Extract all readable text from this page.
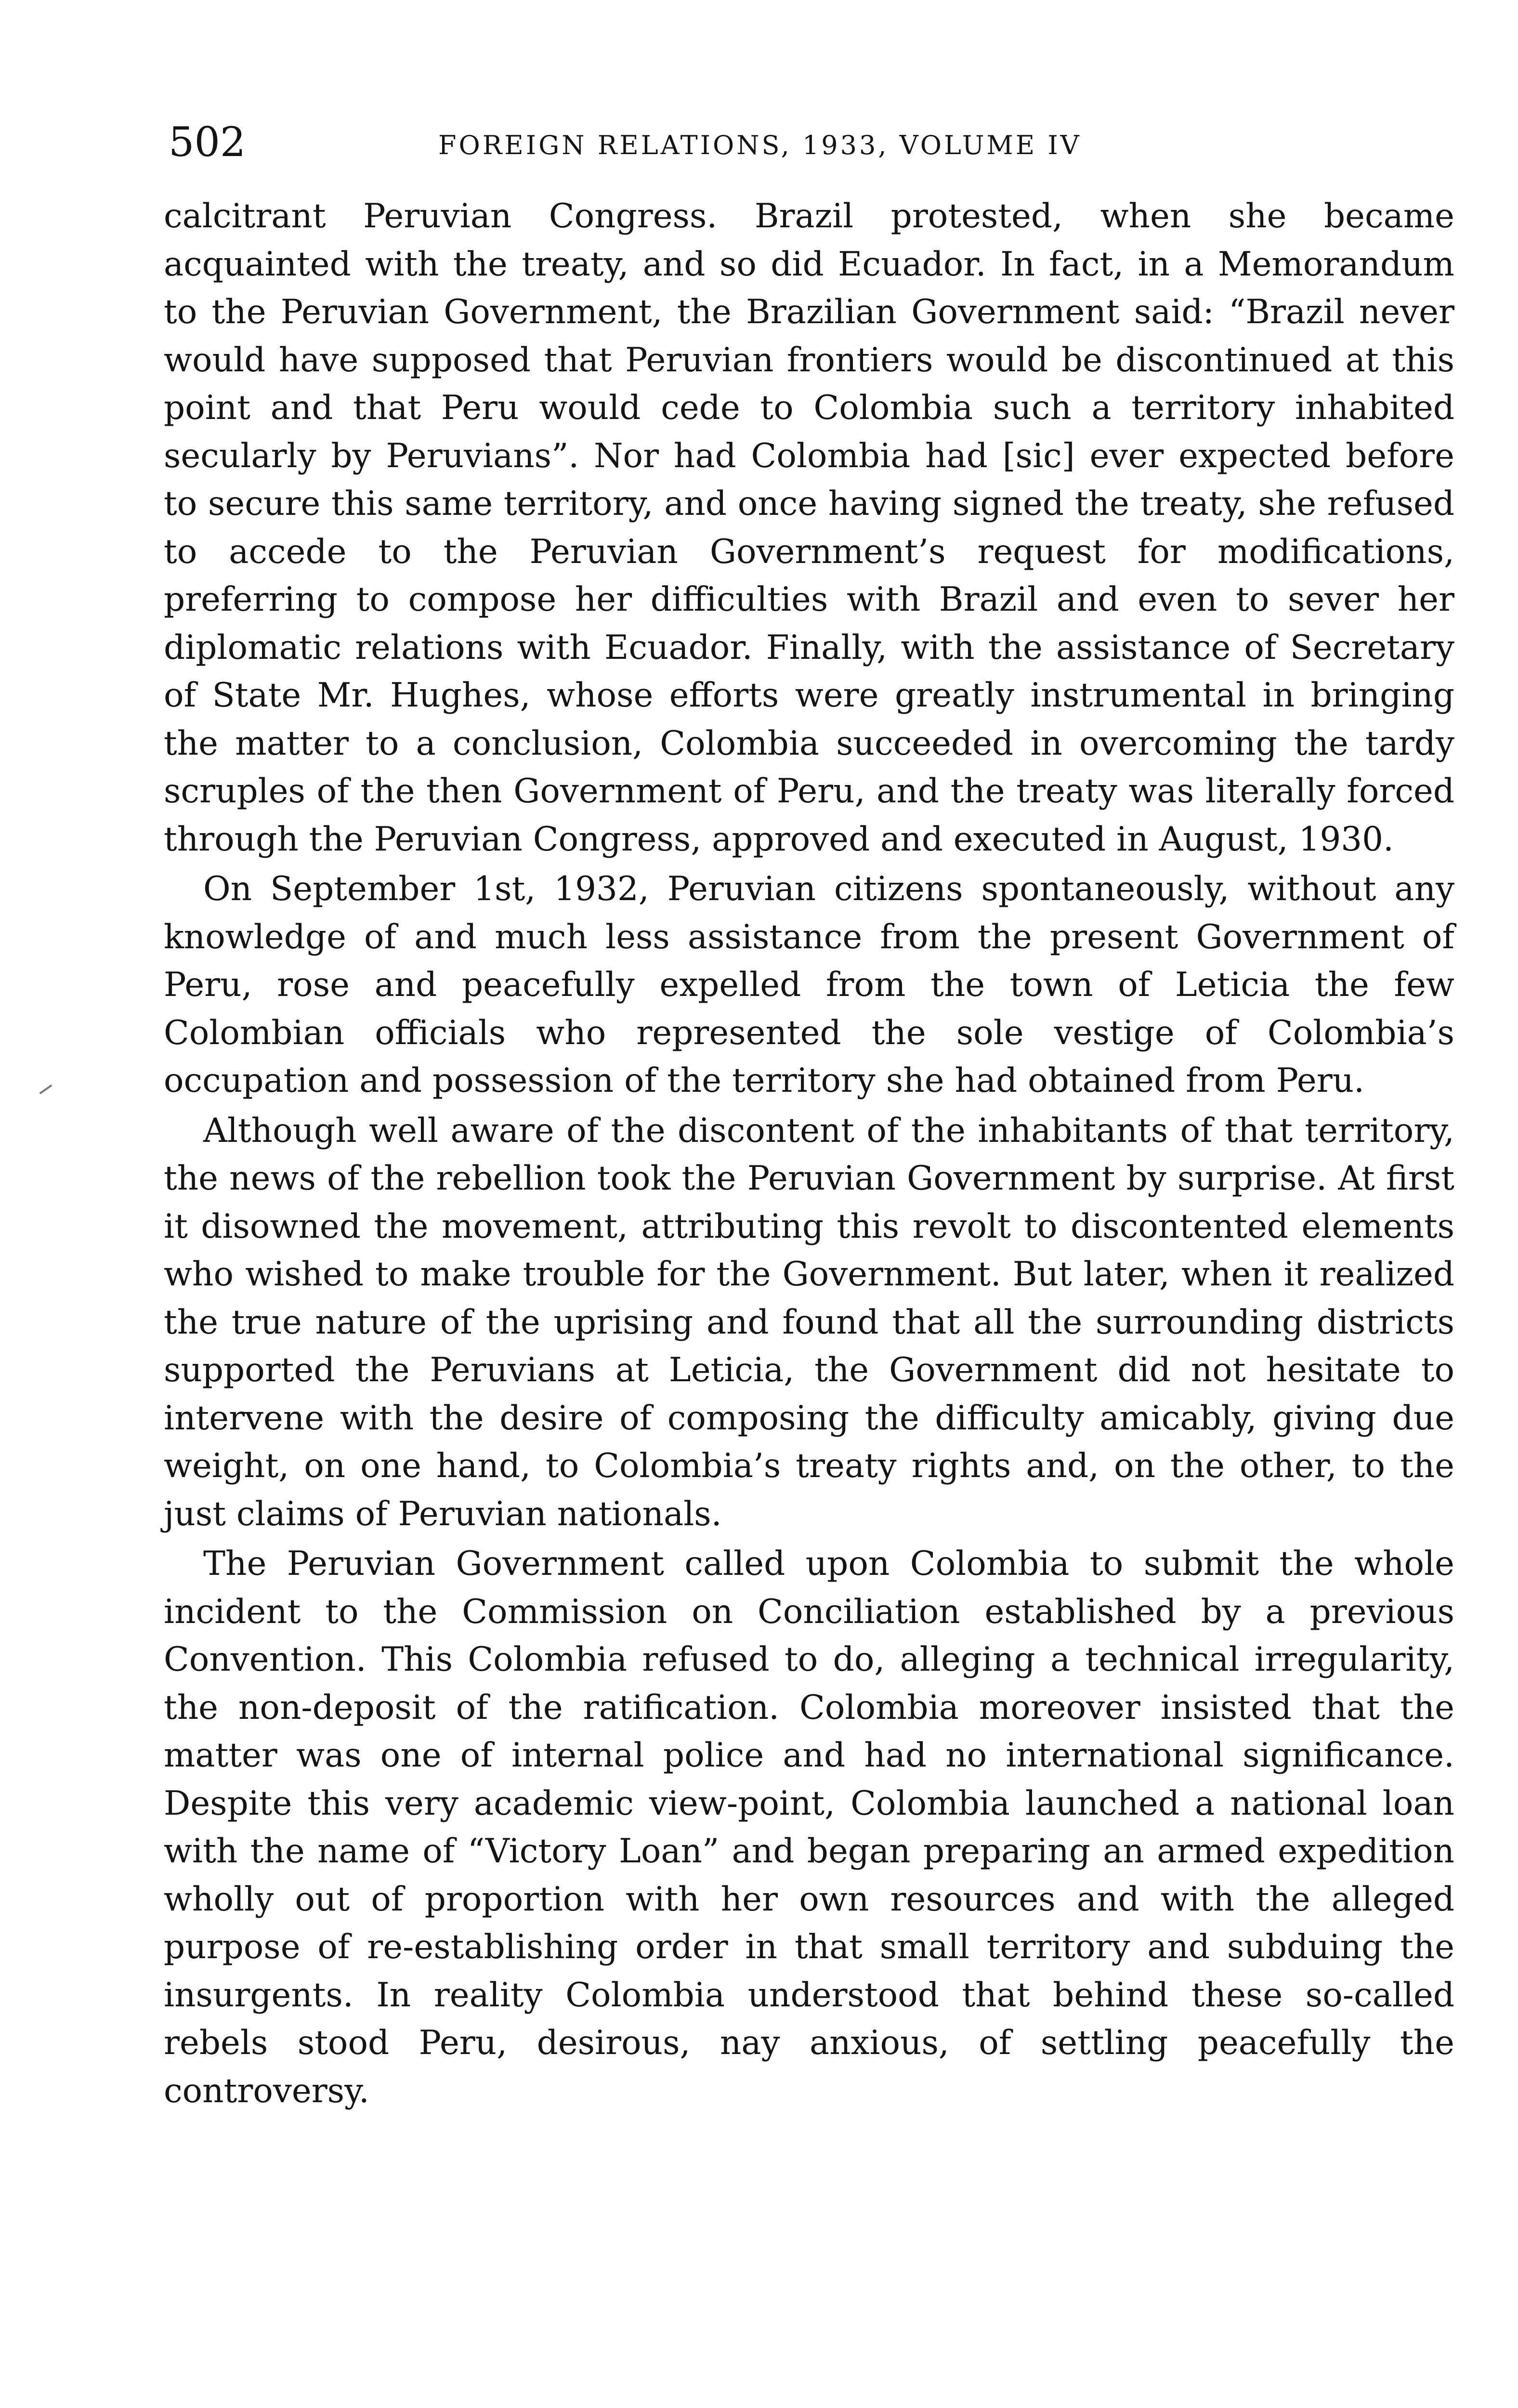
502	FOREIGN RELATIONS, 1933, VOLUME IV

calcitrant Peruvian Congress. Brazil protested, when she became acquainted with the treaty, and so did Ecuador. In fact, in a Memorandum to the Peruvian Government, the Brazilian Government said: “Brazil never would have supposed that Peruvian frontiers would be discontinued at this point and that Peru would cede to Colombia such a territory inhabited secularly by Peruvians”. Nor had Colombia had [sic] ever expected before to secure this same territory, and once having signed the treaty, she refused to accede to the Peruvian Government’s request for modifications, preferring to compose her difficulties with Brazil and even to sever her diplomatic relations with Ecuador. Finally, with the assistance of Secretary of State Mr. Hughes, whose efforts were greatly instrumental in bringing the matter to a conclusion, Colombia succeeded in overcoming the tardy scruples of the then Government of Peru, and the treaty was literally forced through the Peruvian Congress, approved and executed in August, 1930.

On September 1st, 1932, Peruvian citizens spontaneously, without any knowledge of and much less assistance from the present Government of Peru, rose and peacefully expelled from the town of Leticia the few Colombian officials who represented the sole vestige of Colombia’s occupation and possession of the territory she had obtained from Peru.

Although well aware of the discontent of the inhabitants of that territory, the news of the rebellion took the Peruvian Government by surprise. At first it disowned the movement, attributing this revolt to discontented elements who wished to make trouble for the Government. But later, when it realized the true nature of the uprising and found that all the surrounding districts supported the Peruvians at Leticia, the Government did not hesitate to intervene with the desire of composing the difficulty amicably, giving due weight, on one hand, to Colombia’s treaty rights and, on the other, to the just claims of Peruvian nationals.

The Peruvian Government called upon Colombia to submit the whole incident to the Commission on Conciliation established by a previous Convention. This Colombia refused to do, alleging a technical irregularity, the non-deposit of the ratification. Colombia moreover insisted that the matter was one of internal police and had no international significance. Despite this very academic view-point, Colombia launched a national loan with the name of “Victory Loan” and began preparing an armed expedition wholly out of proportion with her own resources and with the alleged purpose of re-establishing order in that small territory and subduing the insurgents. In reality Colombia understood that behind these so-called rebels stood Peru, desirous, nay anxious, of settling peacefully the controversy.
